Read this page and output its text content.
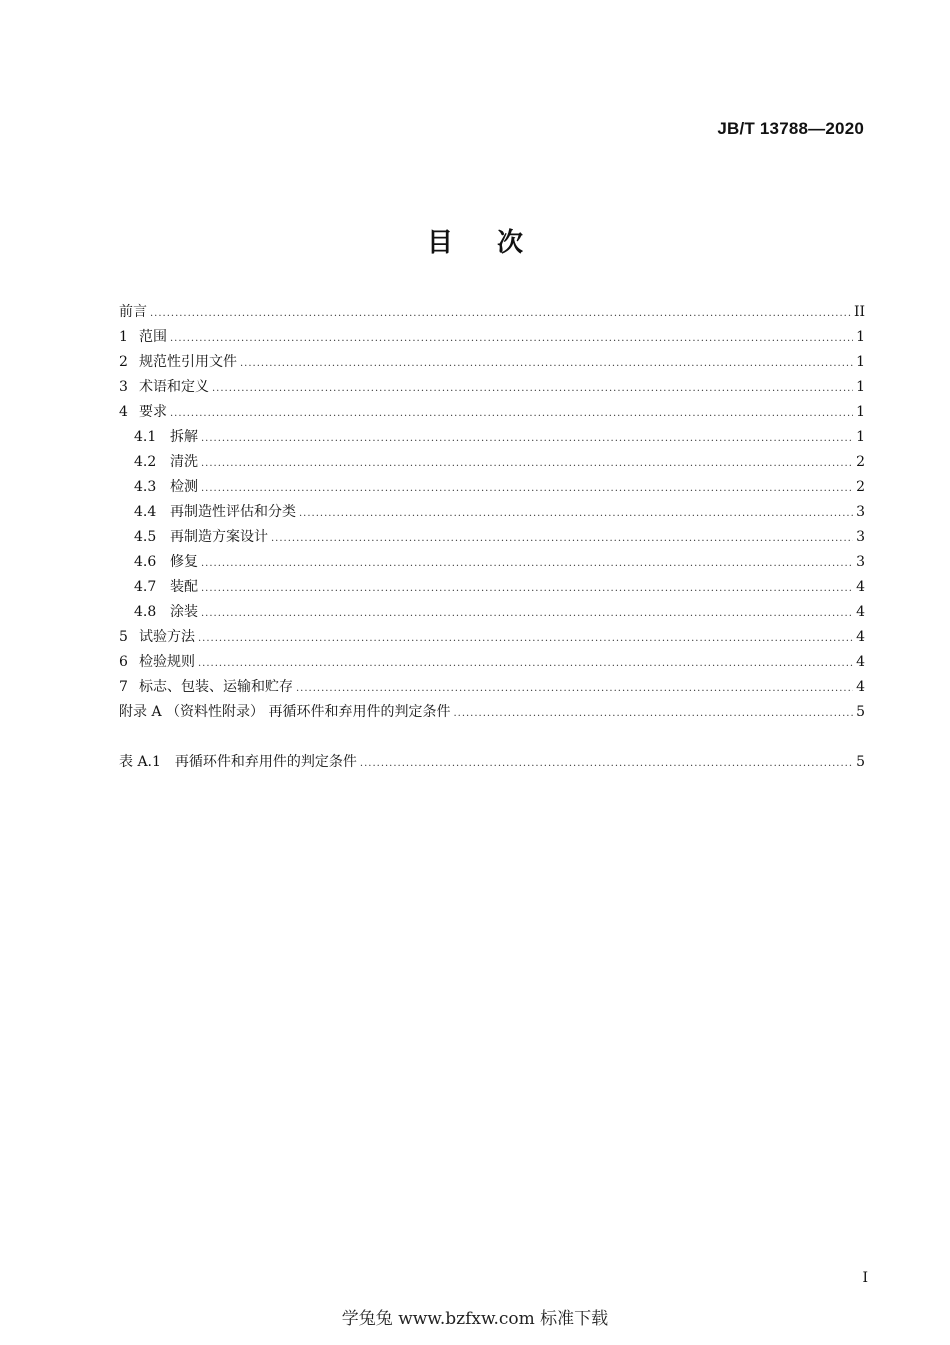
JB/T 13788—2020
目次
前言 .....	II
1 范围 .....	1
2 规范性引用文件 .....	1
3 术语和定义 .....	1
4 要求 .....	1
4.1 拆解 .....	1
4.2 清洗 .....	2
4.3 检测 .....	2
4.4 再制造性评估和分类 .....	3
4.5 再制造方案设计 .....	3
4.6 修复 .....	3
4.7 装配 .....	4
4.8 涂装 .....	4
5 试验方法 .....	4
6 检验规则 .....	4
7 标志、包装、运输和贮存 .....	4
附录 A （资料性附录） 再循环件和弃用件的判定条件 .....	5
表 A.1　再循环件和弃用件的判定条件 .....	5
I
学兔兔 www.bzfxw.com 标准下载
